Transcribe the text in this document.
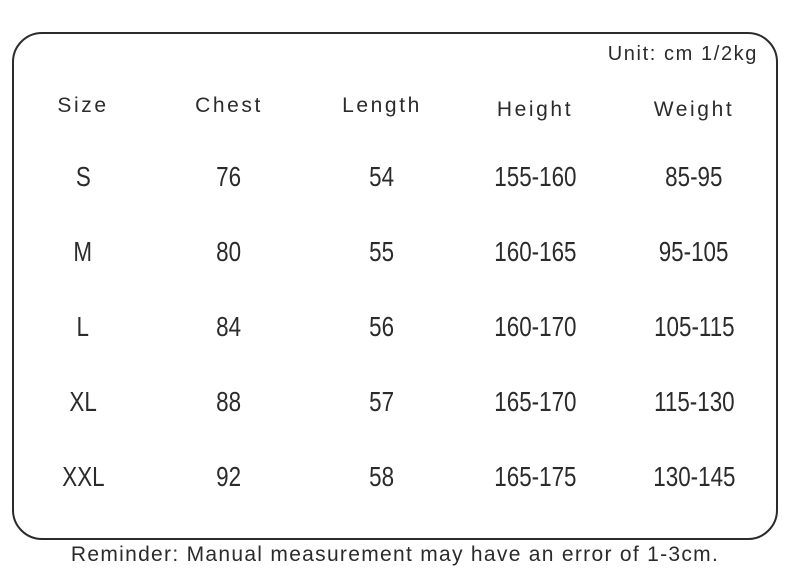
Unit: cm 1/2kg
Size	Chest	Length	Height	Weight
S	76	54	155-160	85-95
M	80	55	160-165	95-105
L	84	56	160-170	105-115
XL	88	57	165-170	115-130
XXL	92	58	165-175	130-145
Reminder: Manual measurement may have an error of 1-3cm.
